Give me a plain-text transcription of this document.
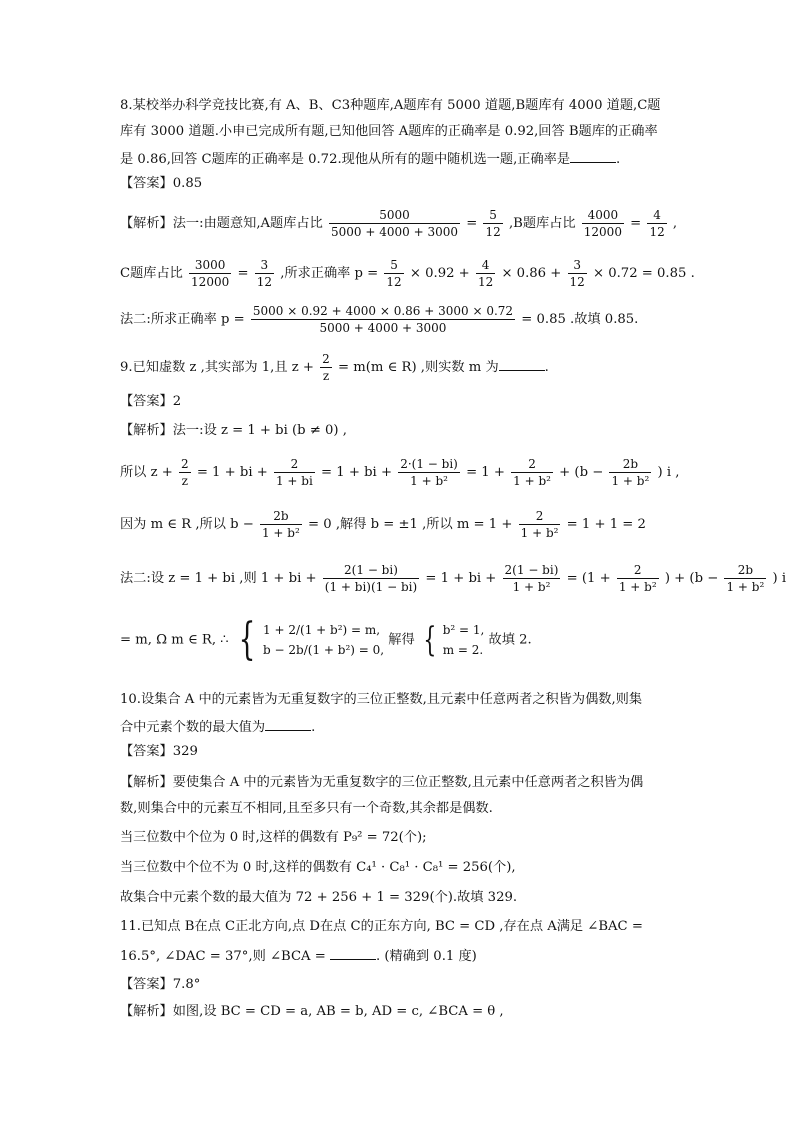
8.某校举办科学竞技比赛,有 A、B、C3种题库,A题库有 5000 道题,B题库有 4000 道题,C题
库有 3000 道题.小申已完成所有题,已知他回答 A题库的正确率是 0.92,回答 B题库的正确率
是 0.86,回答 C题库的正确率是 0.72.现他从所有的题中随机选一题,正确率是	.
【答案】0.85
【解析】法一:由题意知,A题库占比 $\frac{5000}{5000 + 4000 + 3000} = \frac{5}{12} ,B$题库占比 $\frac{4000}{12000} = \frac{4}{12}$ ,
C题库占比 $\frac{3000}{12000} = \frac{3}{12}$ ,所求正确率 $p = \frac{5}{12} \times 0.92 + \frac{4}{12} \times 0.86 + \frac{3}{12} \times 0.72 = 0.85$ .
法二:所求正确率 $p = \frac{5000 \times 0.92 + 4000 \times 0.86 + 3000 \times 0.72}{5000 + 4000 + 3000} = 0.85$ .故填 0.85.
9.已知虚数 z ,其实部为 1,且 $z + \frac{2}{z} = m(m$ ∈ R) ,则实数 m 为	.
【答案】2
【解析】法一:设 z = 1 + bi (b ≠ 0) ,
所以 $z + \frac{2}{z} = 1$ + bi + $\frac{2}{1 + bi} = 1$ + bi + $\frac{2\cdot(1 - bi)}{\text{1 + b²}} = 1 + \frac{2}{\text{1 + b²}} + (b - \frac{2b}{\text{1 + b²}}$ ) i ,
因为 m ∈ R ,所以 $b - \frac{2b}{\text{1 + b²}} = 0$ ,解得 b = ±1 ,所以 $m = 1 + \frac{2}{\text{1 + b²}} = 1 + 1 = 2$
法二:设 z = 1 + bi ,则 1 + bi + $\frac{2(1 - bi)}{(1 + bi)(1 - bi)} = 1$ + bi + $\frac{2(1 - bi)}{\text{1 + b²}} = (1 + \frac{2}{\text{1 + b²}}$ ) + ($b - \frac{2b}{\text{1 + b²}}$ ) i
= m, Ω m ∈ R, ∴ { 1 + 2/(1 + b²) = m,
b − 2b/(1 + b²) = 0,
解得 { b² = 1,
m = 2.
故填 2.
10.设集合 A 中的元素皆为无重复数字的三位正整数,且元素中任意两者之积皆为偶数,则集
合中元素个数的最大值为	.
【答案】329
【解析】要使集合 A 中的元素皆为无重复数字的三位正整数,且元素中任意两者之积皆为偶
数,则集合中的元素互不相同,且至多只有一个奇数,其余都是偶数.
当三位数中个位为 0 时,这样的偶数有 P₉² = 72(个);
当三位数中个位不为 0 时,这样的偶数有 C₄¹ · C₈¹ · C₈¹ = 256(个),
故集合中元素个数的最大值为 72 + 256 + 1 = 329(个).故填 329.
11.已知点 B在点 C正北方向,点 D在点 C的正东方向, BC = CD ,存在点 A满足 ∠BAC =
16.5°, ∠DAC = 37°,则 ∠BCA =	. (精确到 0.1 度)
【答案】7.8°
【解析】如图,设 BC = CD = a, AB = b, AD = c, ∠BCA = θ ,
